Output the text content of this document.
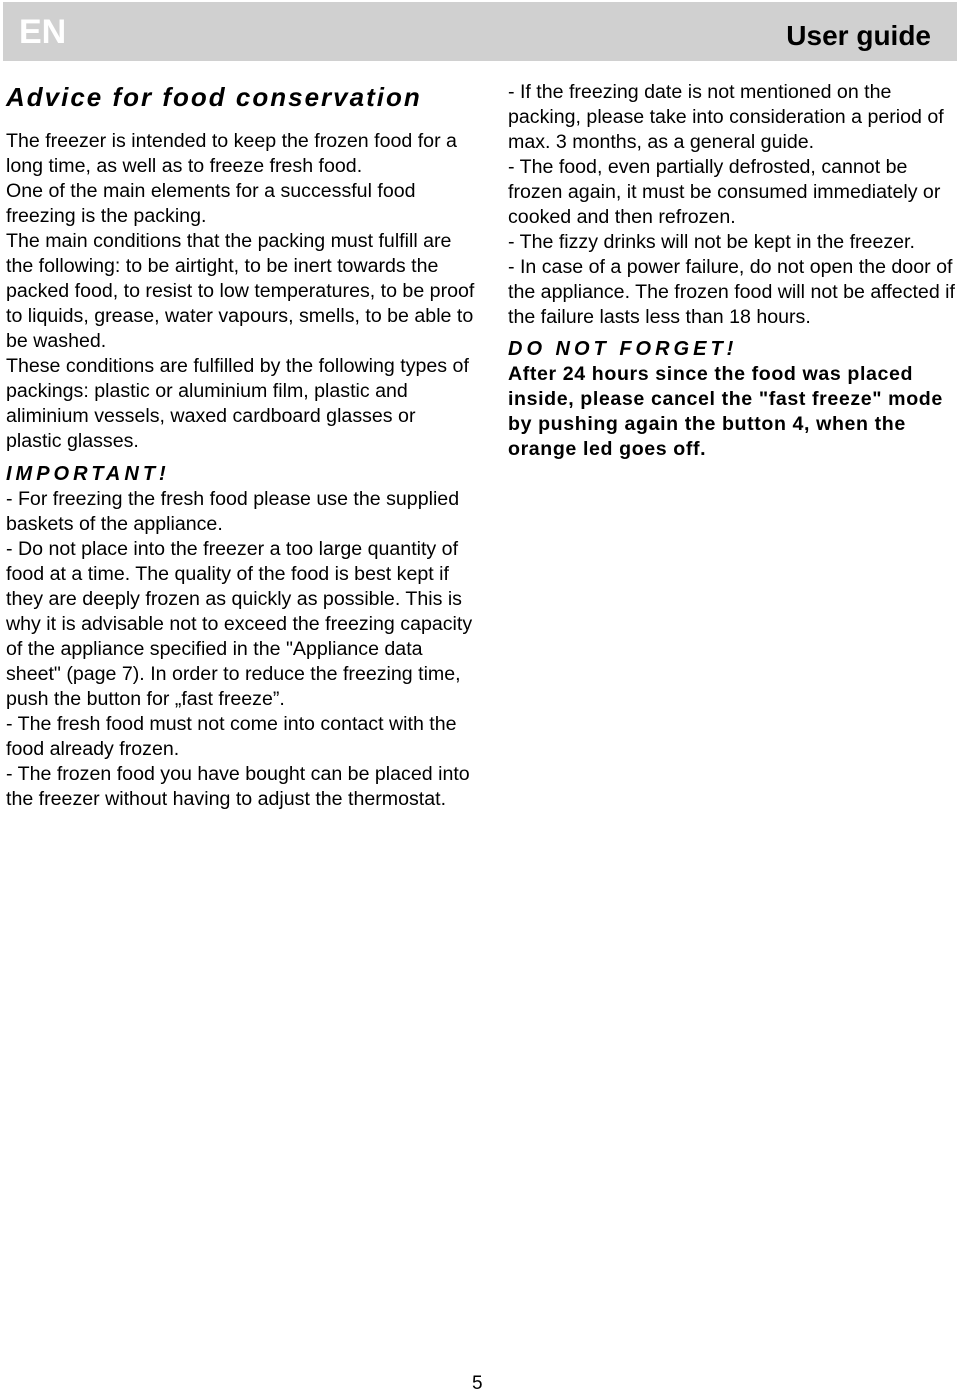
EN	User guide
Advice for food conservation

The freezer is intended to keep the frozen food for a long time, as well as to freeze fresh food.

One of the main elements for a successful food freezing is the packing.

The main conditions that the packing must fulfill are the following: to be airtight, to be inert towards the packed food, to resist to low temperatures, to be proof to liquids, grease, water vapours, smells, to be able to be washed.

These conditions are fulfilled by the following types of packings: plastic or aluminium film, plastic and aliminium vessels, waxed cardboard glasses or plastic glasses.

IMPORTANT!

- For freezing the fresh food please use the supplied baskets of the appliance.

- Do not place into the freezer a too large quantity of food at a time. The quality of the food is best kept if they are deeply frozen as quickly as possible. This is why it is advisable not to exceed the freezing capacity of the appliance specified in the "Appliance data sheet" (page 7). In order to reduce the freezing time, push the button for „fast freeze”.

- The fresh food must not come into contact with the food already frozen.

- The frozen food you have bought can be placed into the freezer without having to adjust the thermostat.

- If the freezing date is not mentioned on the packing, please take into consideration a period of max. 3 months, as a general guide.

- The food, even partially defrosted, cannot be frozen again, it must be consumed immediately or cooked and then refrozen.

- The fizzy drinks will not be kept in the freezer.

- In case of a power failure, do not open the door of the appliance. The frozen food will not be affected if the failure lasts less than 18 hours.

DO NOT FORGET!

After 24 hours since the food was placed inside, please cancel the "fast freeze" mode by pushing again the button 4, when the orange led goes off.

5
